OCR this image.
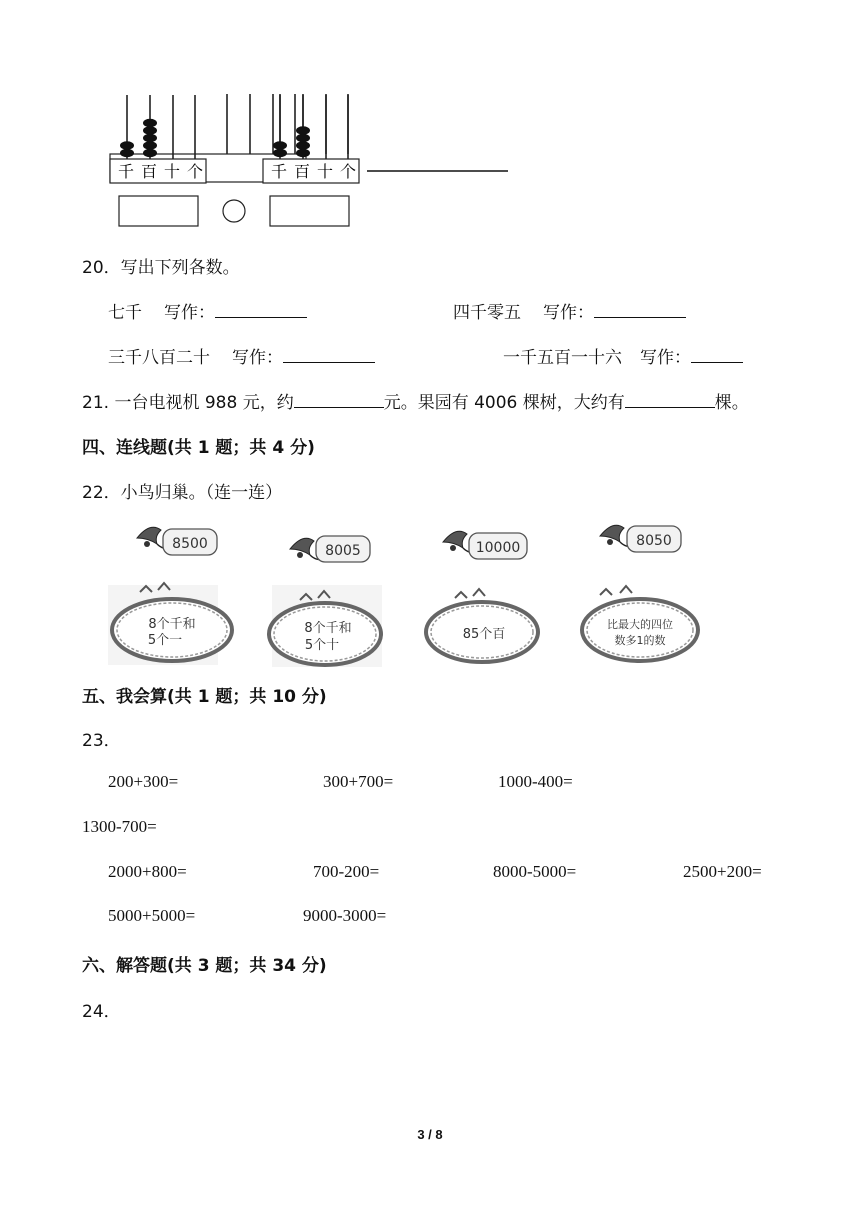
千 百 十 个	千 百 十 个
20．写出下列各数。
七千 写作：	四千零五 写作：
三千八百二十 写作：	一千五百一十六 写作：
21. 一台电视机 988 元，约	元。果园有 4006 棵树，大约有	棵。
四、连线题(共 1 题；共 4 分)
22．小鸟归巢。（连一连）
8500	8005	10000	8050
8个千和
5个一
8个千和
5个十
85个百
比最大的四位
数多1的数
五、我会算(共 1 题；共 10 分)
23．
200+300=	300+700=	1000-400=
1300-700=
2000+800=	700-200=	8000-5000=	2500+200=
5000+5000=	9000-3000=
六、解答题(共 3 题；共 34 分)
24．
3 / 8
